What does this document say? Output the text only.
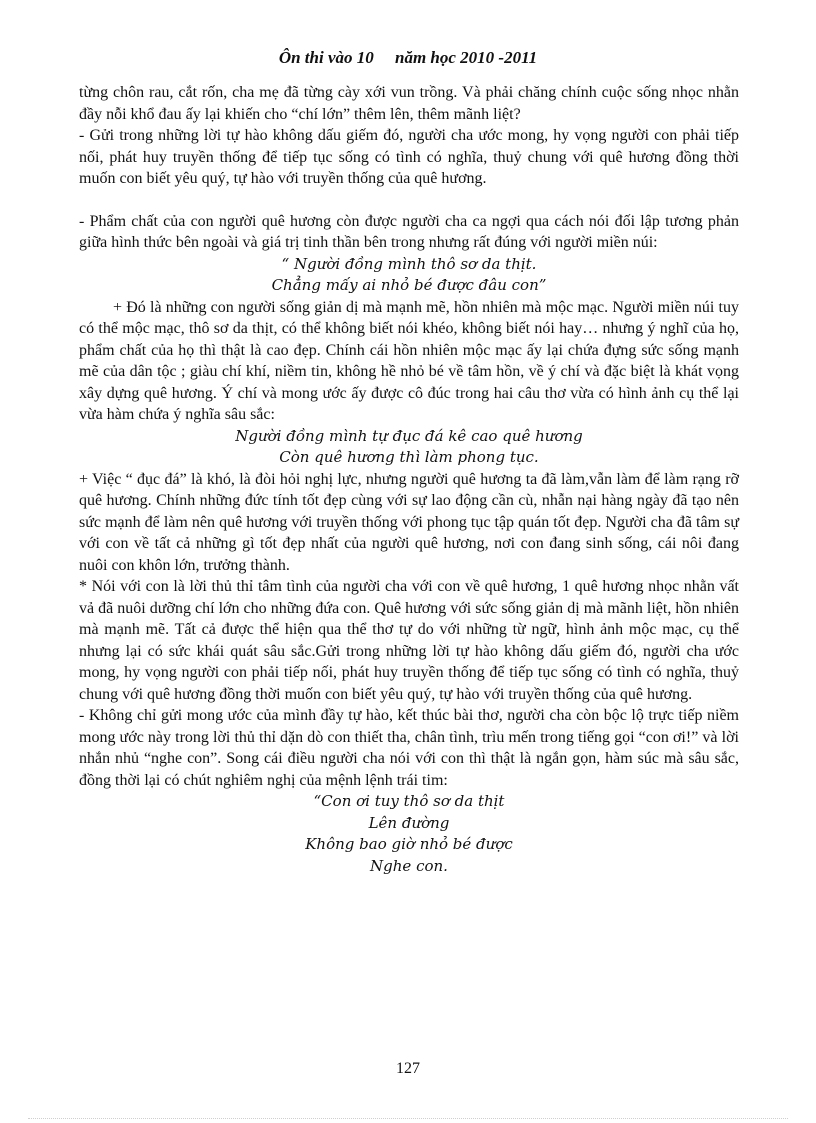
Ôn thi vào 10     năm học 2010 -2011

từng chôn rau, cắt rốn, cha mẹ đã từng cày xới vun trồng. Và phải chăng chính cuộc sống nhọc nhằn đầy nỗi khổ đau ấy lại khiến cho “chí lớn” thêm lên, thêm mãnh liệt?

- Gửi trong những lời tự hào không dấu giếm đó, người cha ước mong, hy vọng người con phải tiếp nối, phát huy truyền thống để tiếp tục sống có tình có nghĩa, thuỷ chung với quê hương đồng thời muốn con biết yêu quý, tự hào với truyền thống của quê hương.

- Phẩm chất của con người quê hương còn được người cha ca ngợi qua cách nói đối lập tương phản giữa hình thức bên ngoài và giá trị tinh thần bên trong nhưng rất đúng với người miền núi:

“ Người đồng mình thô sơ da thịt.

Chẳng mấy ai nhỏ bé được đâu con”

+ Đó là những con người sống giản dị mà mạnh mẽ, hồn nhiên mà mộc mạc. Người miền núi tuy có thể mộc mạc, thô sơ da thịt, có thể không biết nói khéo, không biết nói hay… nhưng ý nghĩ của họ, phẩm chất của họ thì thật là cao đẹp. Chính cái hồn nhiên mộc mạc ấy lại chứa đựng sức sống mạnh mẽ của dân tộc ; giàu chí khí, niềm tin, không hề nhỏ bé về tâm hồn, về ý chí và đặc biệt là khát vọng xây dựng quê hương. Ý chí và mong ước ấy được cô đúc trong hai câu thơ vừa có hình ảnh cụ thể lại vừa hàm chứa ý nghĩa sâu sắc:

Người đồng mình tự đục đá kê cao quê hương

Còn quê hương thì làm phong tục.

+ Việc “ đục đá” là khó, là đòi hỏi nghị lực, nhưng người quê hương ta đã làm,vẫn làm để làm rạng rỡ quê hương. Chính những đức tính tốt đẹp cùng với sự lao động cần cù, nhẫn nại hàng ngày đã tạo nên sức mạnh để làm nên quê hương với truyền thống với phong tục tập quán tốt đẹp. Người cha đã tâm sự với con về tất cả những gì tốt đẹp nhất của người quê hương, nơi con đang sinh sống, cái nôi đang nuôi con khôn lớn, trưởng thành.

* Nói với con là lời thủ thỉ tâm tình của người cha với con về quê hương, 1 quê hương nhọc nhằn vất vả đã nuôi dưỡng chí lớn cho những đứa con. Quê hương với sức sống giản dị mà mãnh liệt, hồn nhiên mà mạnh mẽ. Tất cả được thể hiện qua thể thơ tự do với những từ ngữ, hình ảnh mộc mạc, cụ thể nhưng lại có sức khái quát sâu sắc.Gửi trong những lời tự hào không dấu giếm đó, người cha ước mong, hy vọng người con phải tiếp nối, phát huy truyền thống để tiếp tục sống có tình có nghĩa, thuỷ chung với quê hương đồng thời muốn con biết yêu quý, tự hào với truyền thống của quê hương.

- Không chỉ gửi mong ước của mình đầy tự hào, kết thúc bài thơ, người cha còn bộc lộ trực tiếp niềm mong ước này trong lời thủ thỉ dặn dò con thiết tha, chân tình, trìu mến trong tiếng gọi “con ơi!” và lời nhắn nhủ “nghe con”. Song cái điều người cha nói với con thì thật là ngắn gọn, hàm súc mà sâu sắc, đồng thời lại có chút nghiêm nghị của mệnh lệnh trái tim:

“Con ơi tuy thô sơ da thịt

Lên đường

Không bao giờ nhỏ bé được

Nghe con.

127
